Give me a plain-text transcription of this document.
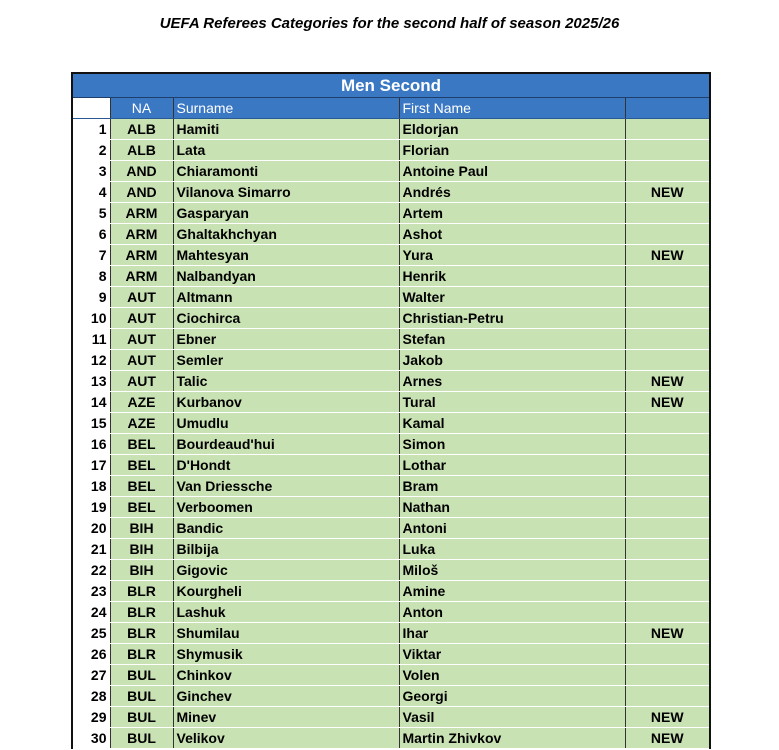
UEFA Referees Categories for the second half of season 2025/26
Men Second
	NA	Surname	First Name	
1	ALB	Hamiti	Eldorjan	
2	ALB	Lata	Florian	
3	AND	Chiaramonti	Antoine Paul	
4	AND	Vilanova Simarro	Andrés	NEW
5	ARM	Gasparyan	Artem	
6	ARM	Ghaltakhchyan	Ashot	
7	ARM	Mahtesyan	Yura	NEW
8	ARM	Nalbandyan	Henrik	
9	AUT	Altmann	Walter	
10	AUT	Ciochirca	Christian-Petru	
11	AUT	Ebner	Stefan	
12	AUT	Semler	Jakob	
13	AUT	Talic	Arnes	NEW
14	AZE	Kurbanov	Tural	NEW
15	AZE	Umudlu	Kamal	
16	BEL	Bourdeaud'hui	Simon	
17	BEL	D'Hondt	Lothar	
18	BEL	Van Driessche	Bram	
19	BEL	Verboomen	Nathan	
20	BIH	Bandic	Antoni	
21	BIH	Bilbija	Luka	
22	BIH	Gigovic	Miloš	
23	BLR	Kourgheli	Amine	
24	BLR	Lashuk	Anton	
25	BLR	Shumilau	Ihar	NEW
26	BLR	Shymusik	Viktar	
27	BUL	Chinkov	Volen	
28	BUL	Ginchev	Georgi	
29	BUL	Minev	Vasil	NEW
30	BUL	Velikov	Martin Zhivkov	NEW
